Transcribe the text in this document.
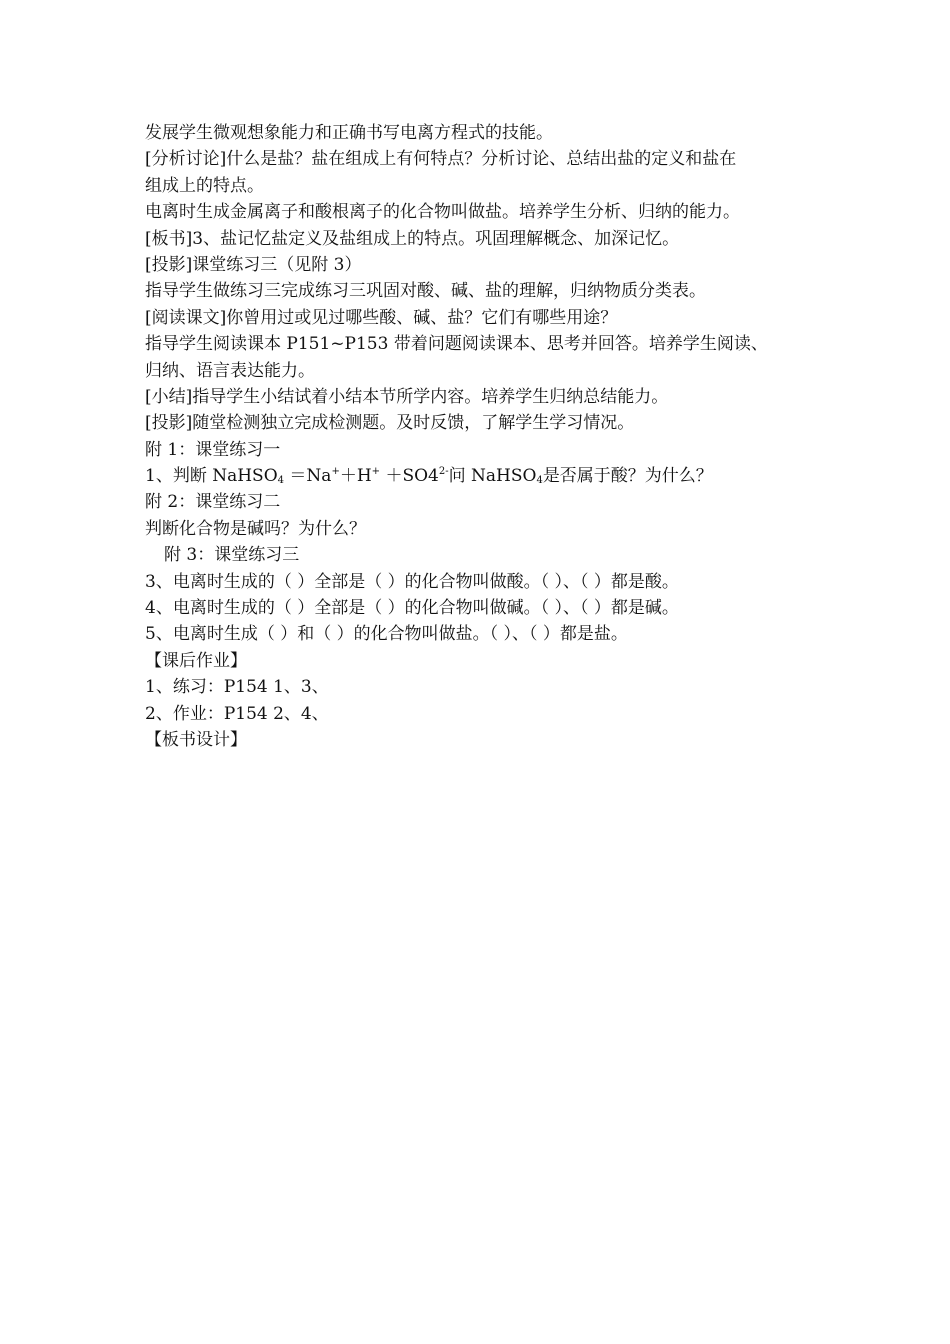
发展学生微观想象能力和正确书写电离方程式的技能。
[分析讨论]什么是盐？盐在组成上有何特点？分析讨论、总结出盐的定义和盐在
组成上的特点。
电离时生成金属离子和酸根离子的化合物叫做盐。培养学生分析、归纳的能力。
[板书]3、盐记忆盐定义及盐组成上的特点。巩固理解概念、加深记忆。
[投影]课堂练习三（见附 3）
指导学生做练习三完成练习三巩固对酸、碱、盐的理解，归纳物质分类表。
[阅读课文]你曾用过或见过哪些酸、碱、盐？它们有哪些用途？
指导学生阅读课本 P151~P153 带着问题阅读课本、思考并回答。培养学生阅读、
归纳、语言表达能力。
[小结]指导学生小结试着小结本节所学内容。培养学生归纳总结能力。
[投影]随堂检测独立完成检测题。及时反馈，了解学生学习情况。
附 1：课堂练习一
1、判断 NaHSO$_4$ $=Na^++H^+ +SO4^{2-}$问 NaHSO$_4$是否属于酸？为什么？
附 2：课堂练习二
判断化合物是碱吗？为什么？
附 3：课堂练习三
3、电离时生成的（ ）全部是（ ）的化合物叫做酸。（ ）、（ ）都是酸。
4、电离时生成的（ ）全部是（ ）的化合物叫做碱。（ ）、（ ）都是碱。
5、电离时生成（ ）和（ ）的化合物叫做盐。（ ）、（ ）都是盐。
【课后作业】
1、练习：P154 1、3、
2、作业：P154 2、4、
【板书设计】
